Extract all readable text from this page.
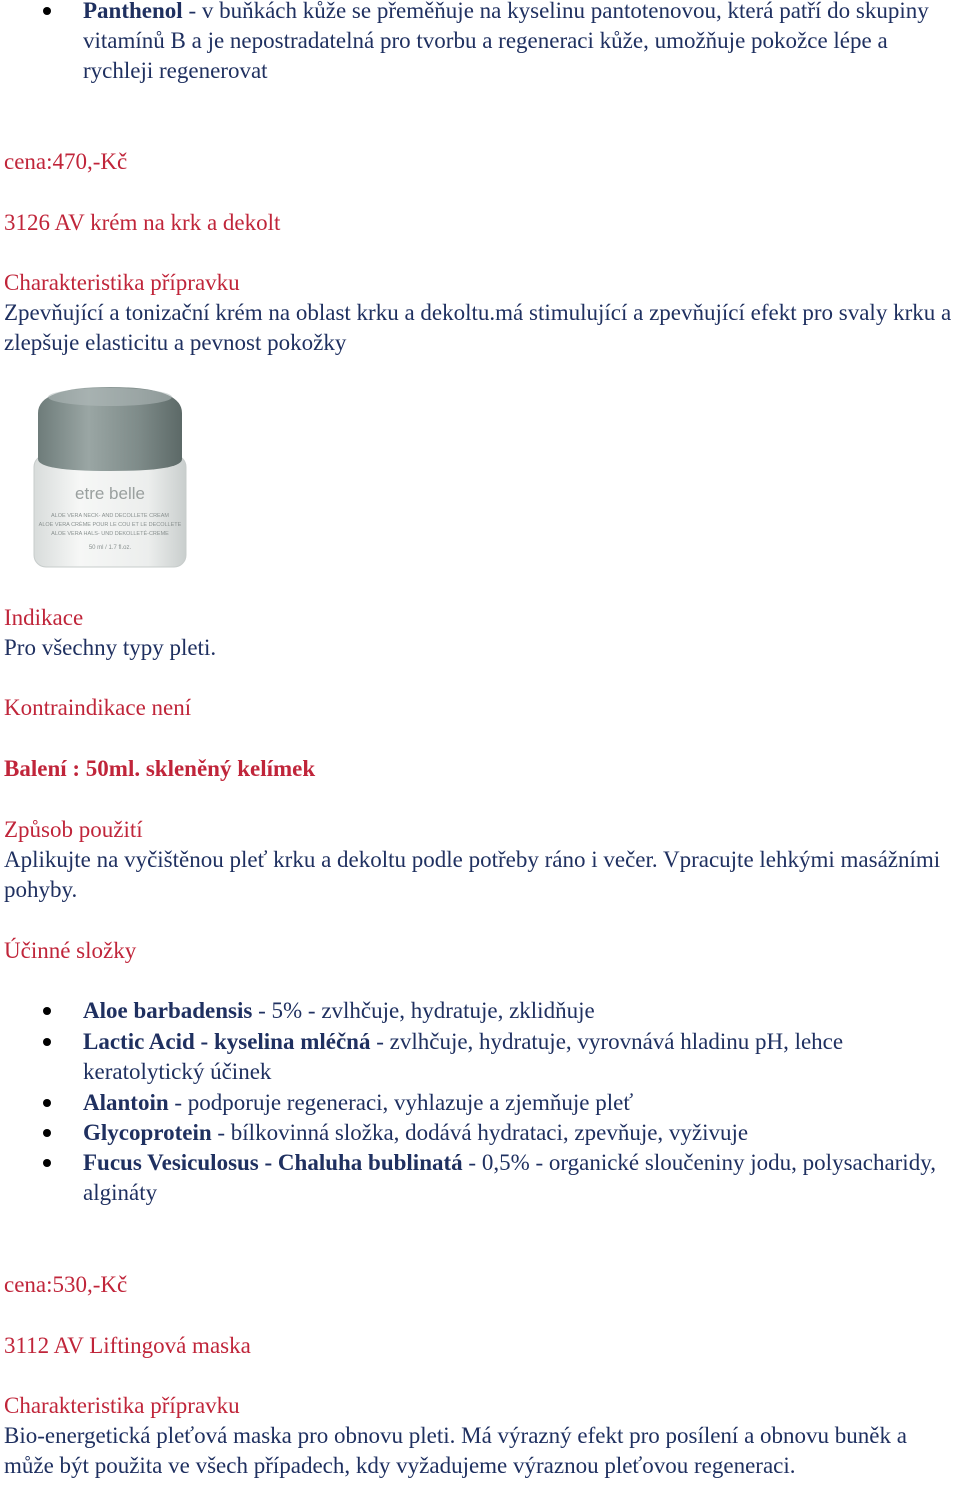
Panthenol - v buňkách kůže se přeměňuje na kyselinu pantotenovou, která patří do skupiny vitamínů B a je nepostradatelná pro tvorbu a regeneraci kůže, umožňuje pokožce lépe a rychleji regenerovat

cena:470,-Kč

3126 AV krém na krk a dekolt

Charakteristika přípravku

Zpevňující a tonizační krém na oblast krku a dekoltu.má stimulující a zpevňující efekt pro svaly krku a zlepšuje elasticitu a pevnost pokožky

etre belle
ALOE VERA NECK- AND DECOLLETE CREAM
ALOE VERA CRÈME POUR LE COU ET LE DECOLLETE
ALOE VERA HALS- UND DEKOLLETÉ-CREME
50 ml / 1.7 fl.oz.

Indikace

Pro všechny typy pleti.

Kontraindikace není

Balení : 50ml. skleněný kelímek

Způsob použití

Aplikujte na vyčištěnou pleť krku a dekoltu podle potřeby ráno i večer. Vpracujte lehkými masážními pohyby.

Účinné složky

Aloe barbadensis - 5% - zvlhčuje, hydratuje, zklidňuje
Lactic Acid - kyselina mléčná - zvlhčuje, hydratuje, vyrovnává hladinu pH, lehce keratolytický účinek
Alantoin - podporuje regeneraci, vyhlazuje a zjemňuje pleť
Glycoprotein - bílkovinná složka, dodává hydrataci, zpevňuje, vyživuje
Fucus Vesiculosus - Chaluha bublinatá - 0,5% - organické sloučeniny jodu, polysacharidy, algináty

cena:530,-Kč

3112 AV Liftingová maska

Charakteristika přípravku

Bio-energetická pleťová maska pro obnovu pleti. Má výrazný efekt pro posílení a obnovu buněk a může být použita ve všech případech, kdy vyžadujeme výraznou pleťovou regeneraci.
